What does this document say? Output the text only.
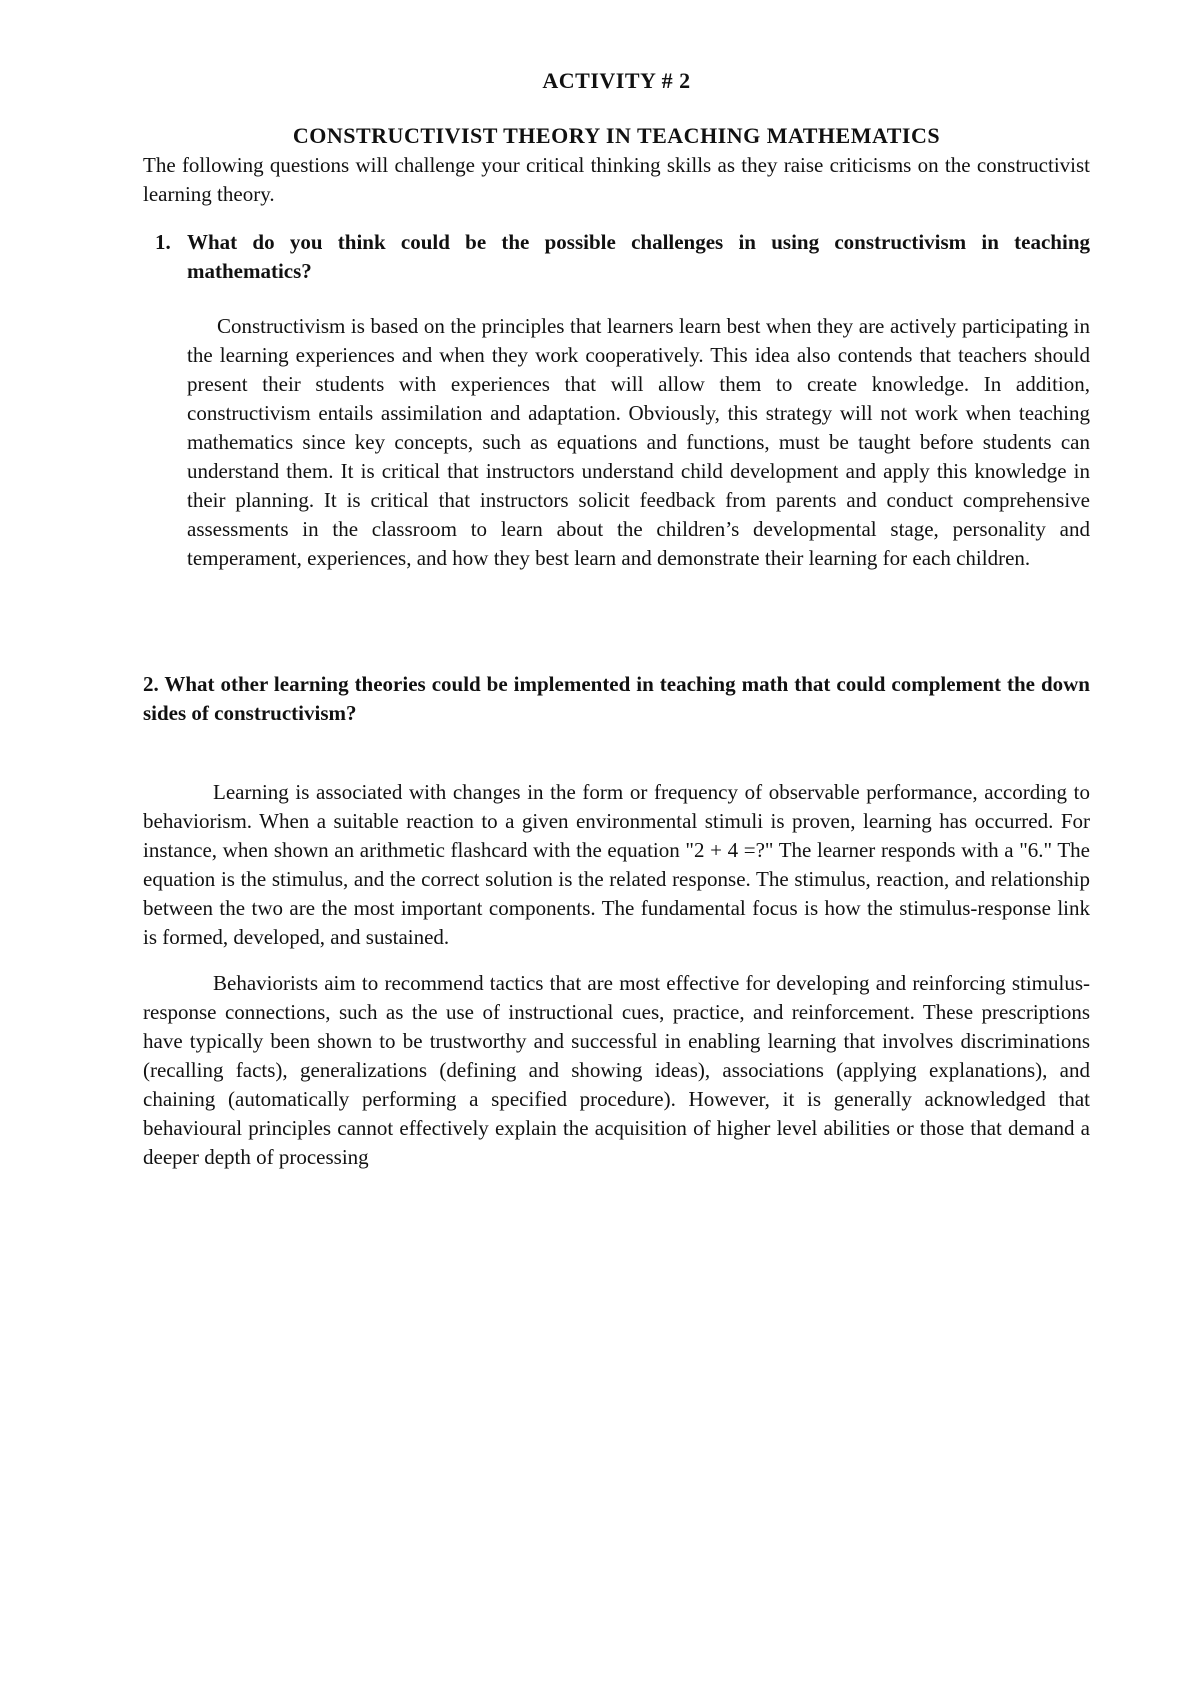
ACTIVITY # 2
CONSTRUCTIVIST THEORY IN TEACHING MATHEMATICS

The following questions will challenge your critical thinking skills as they raise criticisms on the constructivist learning theory.

1. What do you think could be the possible challenges in using constructivism in teaching mathematics?

Constructivism is based on the principles that learners learn best when they are actively participating in the learning experiences and when they work cooperatively. This idea also contends that teachers should present their students with experiences that will allow them to create knowledge. In addition, constructivism entails assimilation and adaptation. Obviously, this strategy will not work when teaching mathematics since key concepts, such as equations and functions, must be taught before students can understand them. It is critical that instructors understand child development and apply this knowledge in their planning. It is critical that instructors solicit feedback from parents and conduct comprehensive assessments in the classroom to learn about the children’s developmental stage, personality and temperament, experiences, and how they best learn and demonstrate their learning for each children.

2. What other learning theories could be implemented in teaching math that could complement the down sides of constructivism?

Learning is associated with changes in the form or frequency of observable performance, according to behaviorism. When a suitable reaction to a given environmental stimuli is proven, learning has occurred. For instance, when shown an arithmetic flashcard with the equation "2 + 4 =?" The learner responds with a "6." The equation is the stimulus, and the correct solution is the related response. The stimulus, reaction, and relationship between the two are the most important components. The fundamental focus is how the stimulus-response link is formed, developed, and sustained.

Behaviorists aim to recommend tactics that are most effective for developing and reinforcing stimulus-response connections, such as the use of instructional cues, practice, and reinforcement. These prescriptions have typically been shown to be trustworthy and successful in enabling learning that involves discriminations (recalling facts), generalizations (defining and showing ideas), associations (applying explanations), and chaining (automatically performing a specified procedure). However, it is generally acknowledged that behavioural principles cannot effectively explain the acquisition of higher level abilities or those that demand a deeper depth of processing
